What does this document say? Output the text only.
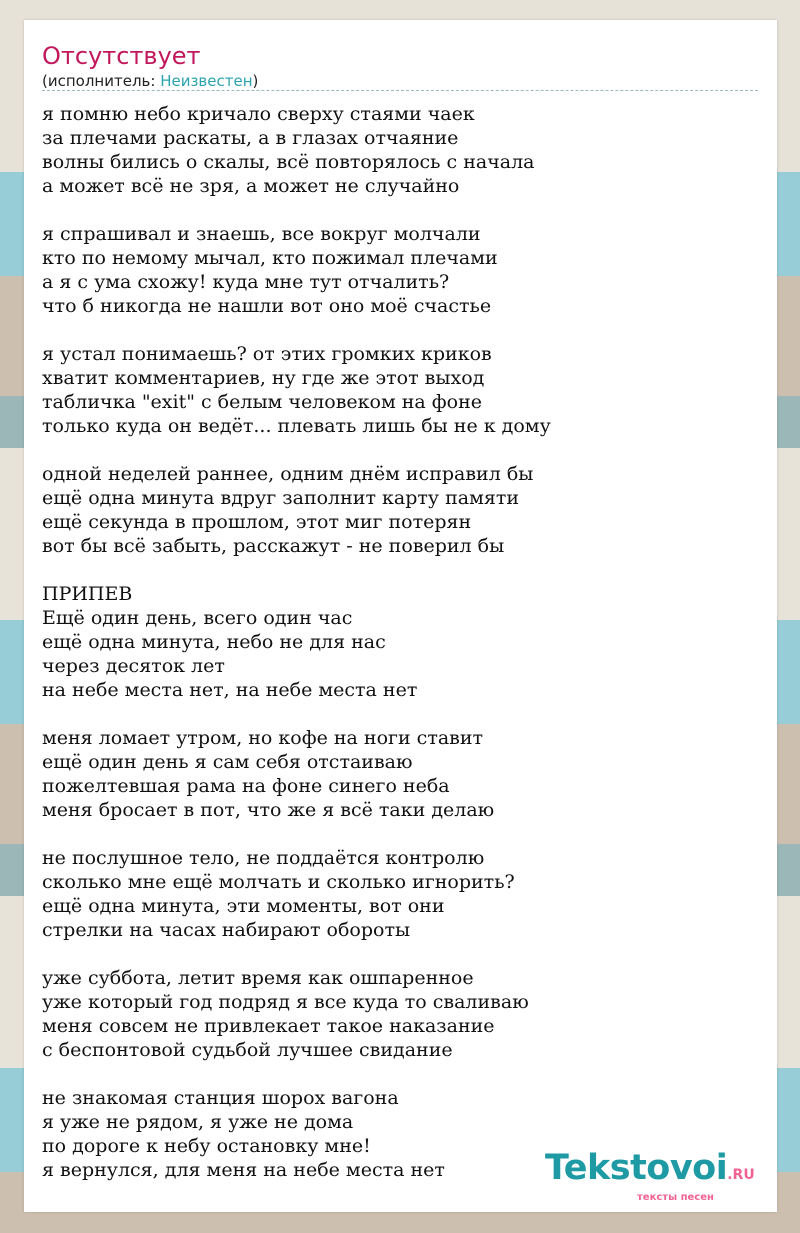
Отсутствует
(исполнитель: Неизвестен)
я помню небо кричало сверху стаями чаек
за плечами раскаты, а в глазах отчаяние
волны бились о скалы, всё повторялось с начала
а может всё не зря, а может не случайно
я спрашивал и знаешь, все вокруг молчали
кто по немому мычал, кто пожимал плечами
а я с ума схожу! куда мне тут отчалить?
что б никогда не нашли вот оно моё счастье
я устал понимаешь? от этих громких криков
хватит комментариев, ну где же этот выход
табличка "exit" с белым человеком на фоне
только куда он ведёт... плевать лишь бы не к дому
одной неделей раннее, одним днём исправил бы
ещё одна минута вдруг заполнит карту памяти
ещё секунда в прошлом, этот миг потерян
вот бы всё забыть, расскажут - не поверил бы
ПРИПЕВ
Ещё один день, всего один час
ещё одна минута, небо не для нас
через десяток лет
на небе места нет, на небе места нет
меня ломает утром, но кофе на ноги ставит
ещё один день я сам себя отстаиваю
пожелтевшая рама на фоне синего неба
меня бросает в пот, что же я всё таки делаю
не послушное тело, не поддаётся контролю
сколько мне ещё молчать и сколько игнорить?
ещё одна минута, эти моменты, вот они
стрелки на часах набирают обороты
уже суббота, летит время как ошпаренное
уже который год подряд я все куда то сваливаю
меня совсем не привлекает такое наказание
с беспонтовой судьбой лучшее свидание
не знакомая станция шорох вагона
я уже не рядом, я уже не дома
по дороге к небу остановку мне!
я вернулся, для меня на небе места нет	Tekstovoi.RU
тексты песен
